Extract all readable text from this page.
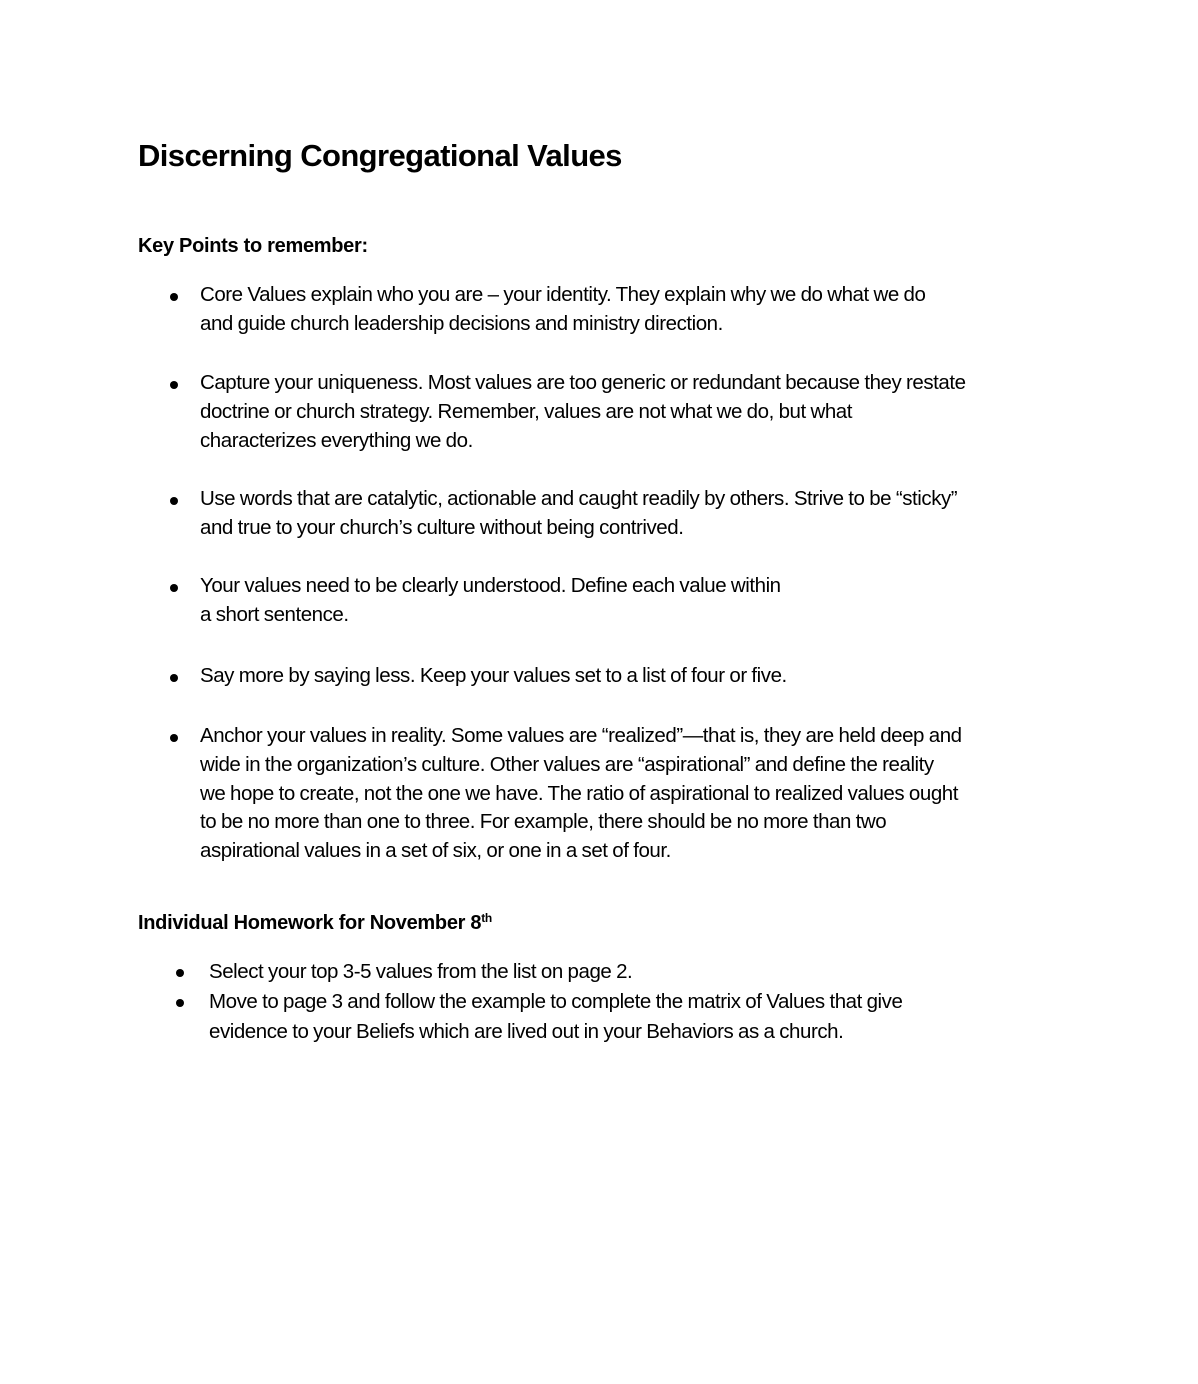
Discerning Congregational Values
Key Points to remember:
Core Values explain who you are – your identity. They explain why we do what we do
and guide church leadership decisions and ministry direction.
Capture your uniqueness. Most values are too generic or redundant because they restate
doctrine or church strategy. Remember, values are not what we do, but what
characterizes everything we do.
Use words that are catalytic, actionable and caught readily by others. Strive to be “sticky”
and true to your church’s culture without being contrived.
Your values need to be clearly understood. Define each value within
a short sentence.
Say more by saying less. Keep your values set to a list of four or five.
Anchor your values in reality. Some values are “realized”—that is, they are held deep and
wide in the organization’s culture. Other values are “aspirational” and define the reality
we hope to create, not the one we have. The ratio of aspirational to realized values ought
to be no more than one to three. For example, there should be no more than two
aspirational values in a set of six, or one in a set of four.
Individual Homework for November 8th
Select your top 3-5 values from the list on page 2.
Move to page 3 and follow the example to complete the matrix of Values that give
evidence to your Beliefs which are lived out in your Behaviors as a church.
